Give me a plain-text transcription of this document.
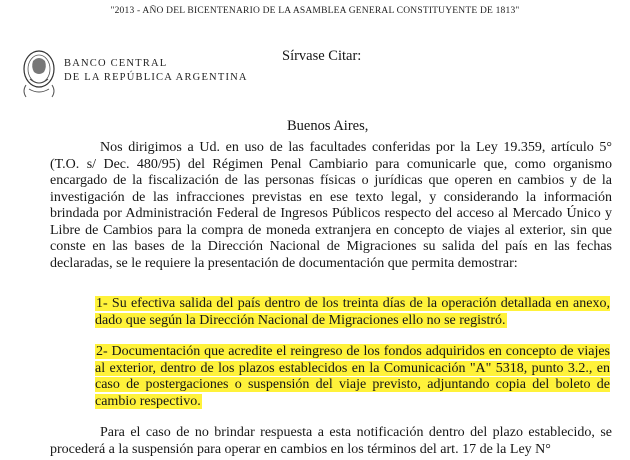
"2013 - AÑO DEL BICENTENARIO DE LA ASAMBLEA GENERAL CONSTITUYENTE DE 1813"
BANCO CENTRAL
DE LA REPÚBLICA ARGENTINA
Sírvase Citar:
Buenos Aires,

Nos dirigimos a Ud. en uso de las facultades conferidas por la Ley 19.359, artículo 5° (T.O. s/ Dec. 480/95) del Régimen Penal Cambiario para comunicarle que, como organismo encargado de la fiscalización de las personas físicas o jurídicas que operen en cambios y de la investigación de las infracciones previstas en ese texto legal, y considerando la información brindada por Administración Federal de Ingresos Públicos respecto del acceso al Mercado Único y Libre de Cambios para la compra de moneda extranjera en concepto de viajes al exterior, sin que conste en las bases de la Dirección Nacional de Migraciones su salida del país en las fechas declaradas, se le requiere la presentación de documentación que permita demostrar:

1- Su efectiva salida del país dentro de los treinta días de la operación detallada en anexo, dado que según la Dirección Nacional de Migraciones ello no se registró.

2- Documentación que acredite el reingreso de los fondos adquiridos en concepto de viajes al exterior, dentro de los plazos establecidos en la Comunicación "A" 5318, punto 3.2., en caso de postergaciones o suspensión del viaje previsto, adjuntando copia del boleto de cambio respectivo.

Para el caso de no brindar respuesta a esta notificación dentro del plazo establecido, se procederá a la suspensión para operar en cambios en los términos del art. 17 de la Ley N°
